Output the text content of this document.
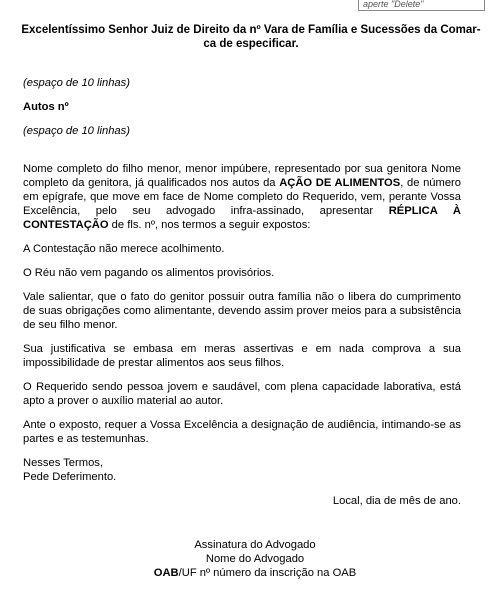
aperte "Delete"
Excelentíssimo Senhor Juiz de Direito da nº Vara de Família e Sucessões da Comar-
ca de especificar.

(espaço de 10 linhas)

Autos nº

(espaço de 10 linhas)

Nome completo do filho menor, menor impúbere, representado por sua genitora Nome completo da genitora, já qualificados nos autos da AÇÃO DE ALIMENTOS, de número em epígrafe, que move em face de Nome completo do Requerido, vem, perante Vossa Excelência, pelo seu advogado infra-assinado, apresentar RÉPLICA À CONTESTAÇÃO de fls. nº, nos termos a seguir expostos:

A Contestação não merece acolhimento.

O Réu não vem pagando os alimentos provisórios.

Vale salientar, que o fato do genitor possuir outra família não o libera do cumprimento de suas obrigações como alimentante, devendo assim prover meios para a subsistência de seu filho menor.

Sua justificativa se embasa em meras assertivas e em nada comprova a sua impossibilidade de prestar alimentos aos seus filhos.

O Requerido sendo pessoa jovem e saudável, com plena capacidade laborativa, está apto a prover o auxílio material ao autor.

Ante o exposto, requer a Vossa Excelência a designação de audiência, intimando-se as partes e as testemunhas.

Nesses Termos,

Pede Deferimento.

Local, dia de mês de ano.

Assinatura do Advogado

Nome do Advogado

OAB/UF nº número da inscrição na OAB
